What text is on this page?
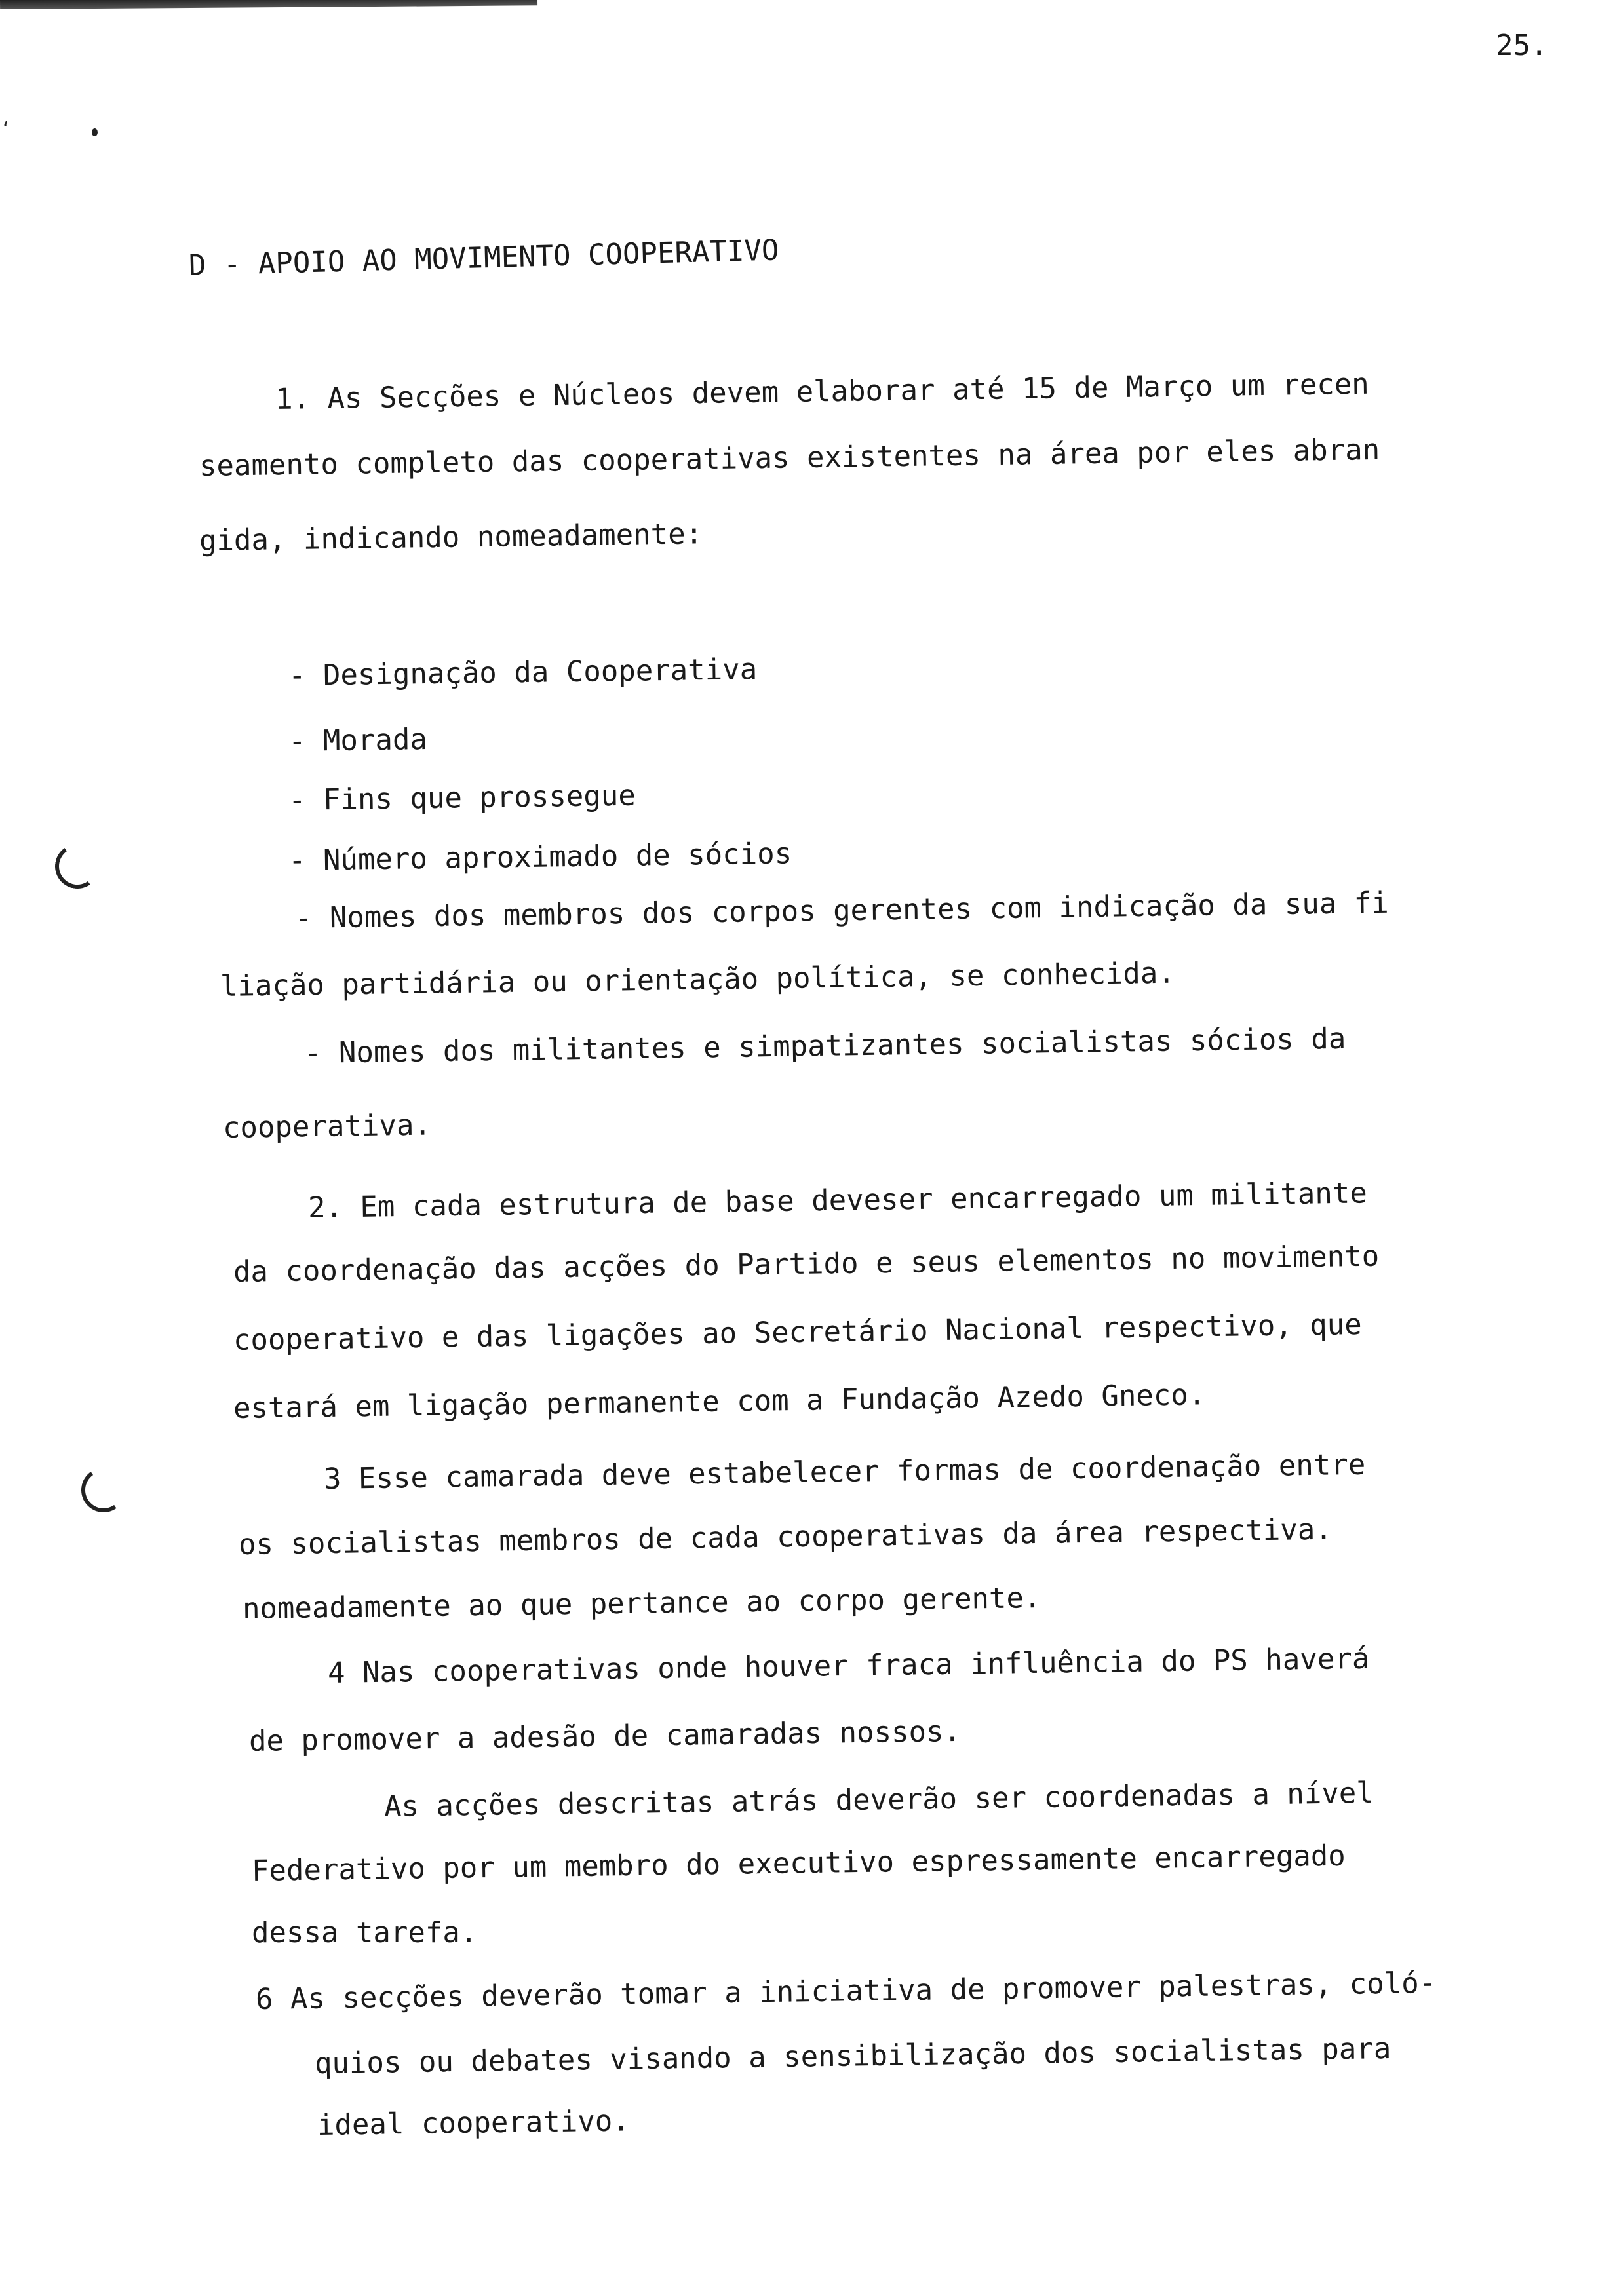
ʻ
25.
D - APOIO AO MOVIMENTO COOPERATIVO
1. As Secções e Núcleos devem elaborar até 15 de Março um recen
seamento completo das cooperativas existentes na área por eles abran
gida, indicando nomeadamente:
- Designação da Cooperativa
- Morada
- Fins que prossegue
- Número aproximado de sócios
- Nomes dos membros dos corpos gerentes com indicação da sua fi
liação partidária ou orientação política, se conhecida.
- Nomes dos militantes e simpatizantes socialistas sócios da
cooperativa.
2. Em cada estrutura de base deveser encarregado um militante
da coordenação das acções do Partido e seus elementos no movimento
cooperativo e das ligações ao Secretário Nacional respectivo, que
estará em ligação permanente com a Fundação Azedo Gneco.
3 Esse camarada deve estabelecer formas de coordenação entre
os socialistas membros de cada cooperativas da área respectiva.
nomeadamente ao que pertance ao corpo gerente.
4 Nas cooperativas onde houver fraca influência do PS haverá
de promover a adesão de camaradas nossos.
As acções descritas atrás deverão ser coordenadas a nível
Federativo por um membro do executivo espressamente encarregado
dessa tarefa.
6 As secções deverão tomar a iniciativa de promover palestras, coló-
quios ou debates visando a sensibilização dos socialistas para
ideal cooperativo.
